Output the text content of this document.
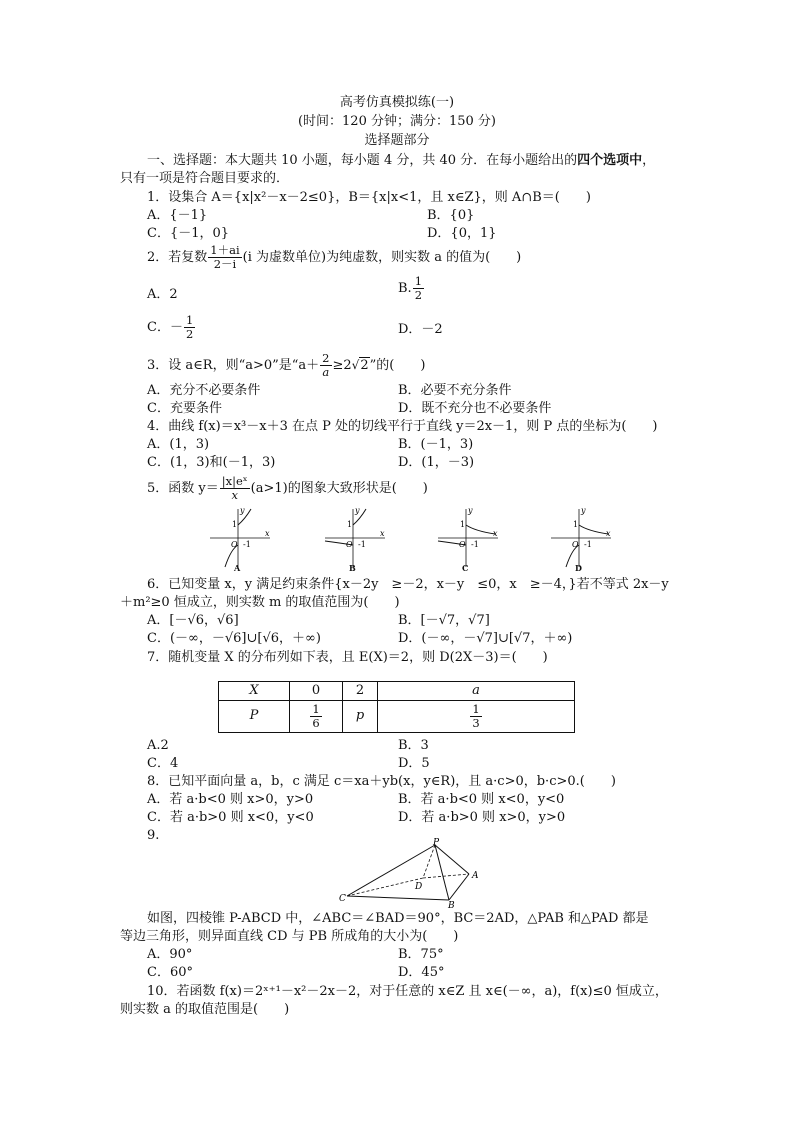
高考仿真模拟练(一)
(时间：120 分钟；满分：150 分)
选择题部分
一、选择题：本大题共 10 小题，每小题 4 分，共 40 分．在每小题给出的四个选项中，
只有一项是符合题目要求的．
1．设集合 A＝{x|x²－x－2≤0}，B＝{x|x<1，且 x∈Z}，则 A∩B＝(　　)
A．{－1}	B．{0}
C．{－1，0}	D．{0，1}
2．若复数 $\frac{1+ai}{2-i} (i$ 为虚数单位)为纯虚数，则实数 a 的值为(　　)
A．2	B. $\frac{1}{2}$
C．－ $\frac{1}{2}$	D．－2
3．设 a∈R，则“a>0”是“$a+ \frac{2}{a} \ge 2√2$”的(　　)
A．充分不必要条件	B．必要不充分条件
C．充要条件	D．既不充分也不必要条件
4．曲线 f(x)＝x³－x＋3 在点 P 处的切线平行于直线 y＝2x－1，则 P 点的坐标为(　　)
A．(1，3)	B．(－1，3)
C．(1，3)和(－1，3)	D．(1，－3)
5．函数 $y= \frac{\text{|x|eˣ}}{x} (a>1)$的图象大致形状是(　　)
1
O -1
x
y
1
O -1
x
y
1
O -1
x
y
1
O -1
x
y
A	B	C	D
6．已知变量 x，y 满足约束条件{x－2y　≥－2，x－y　≤0，x　≥－4，}若不等式 2x－y
＋m²≥0 恒成立，则实数 m 的取值范围为(　　)
A．[－√6，√6]	B．[－√7，√7]
C．(－∞，－√6]∪[√6，＋∞)	D．(－∞，－√7]∪[√7，＋∞)
7．随机变量 X 的分布列如下表，且 E(X)＝2，则 D(2X－3)＝(　　)
X	0	2	a
P	$\frac{1}{6}$	p	$\frac{1}{3}$
A.2	B．3
C．4	D．5
8．已知平面向量 a，b，c 满足 c＝xa＋yb(x，y∈R)，且 a·c>0，b·c>0.(　　)
A．若 a·b<0 则 x>0，y>0	B．若 a·b<0 则 x<0，y<0
C．若 a·b>0 则 x<0，y<0	D．若 a·b>0 则 x>0，y>0
9.	P
A
B
C
D
如图，四棱锥 P-ABCD 中，∠ABC＝∠BAD＝90°，BC＝2AD，△PAB 和△PAD 都是
等边三角形，则异面直线 CD 与 PB 所成角的大小为(　　)
A．90°	B．75°
C．60°	D．45°
10．若函数 f(x)＝2ˣ⁺¹－x²－2x－2，对于任意的 x∈Z 且 x∈(－∞，a)，f(x)≤0 恒成立，
则实数 a 的取值范围是(　　)
